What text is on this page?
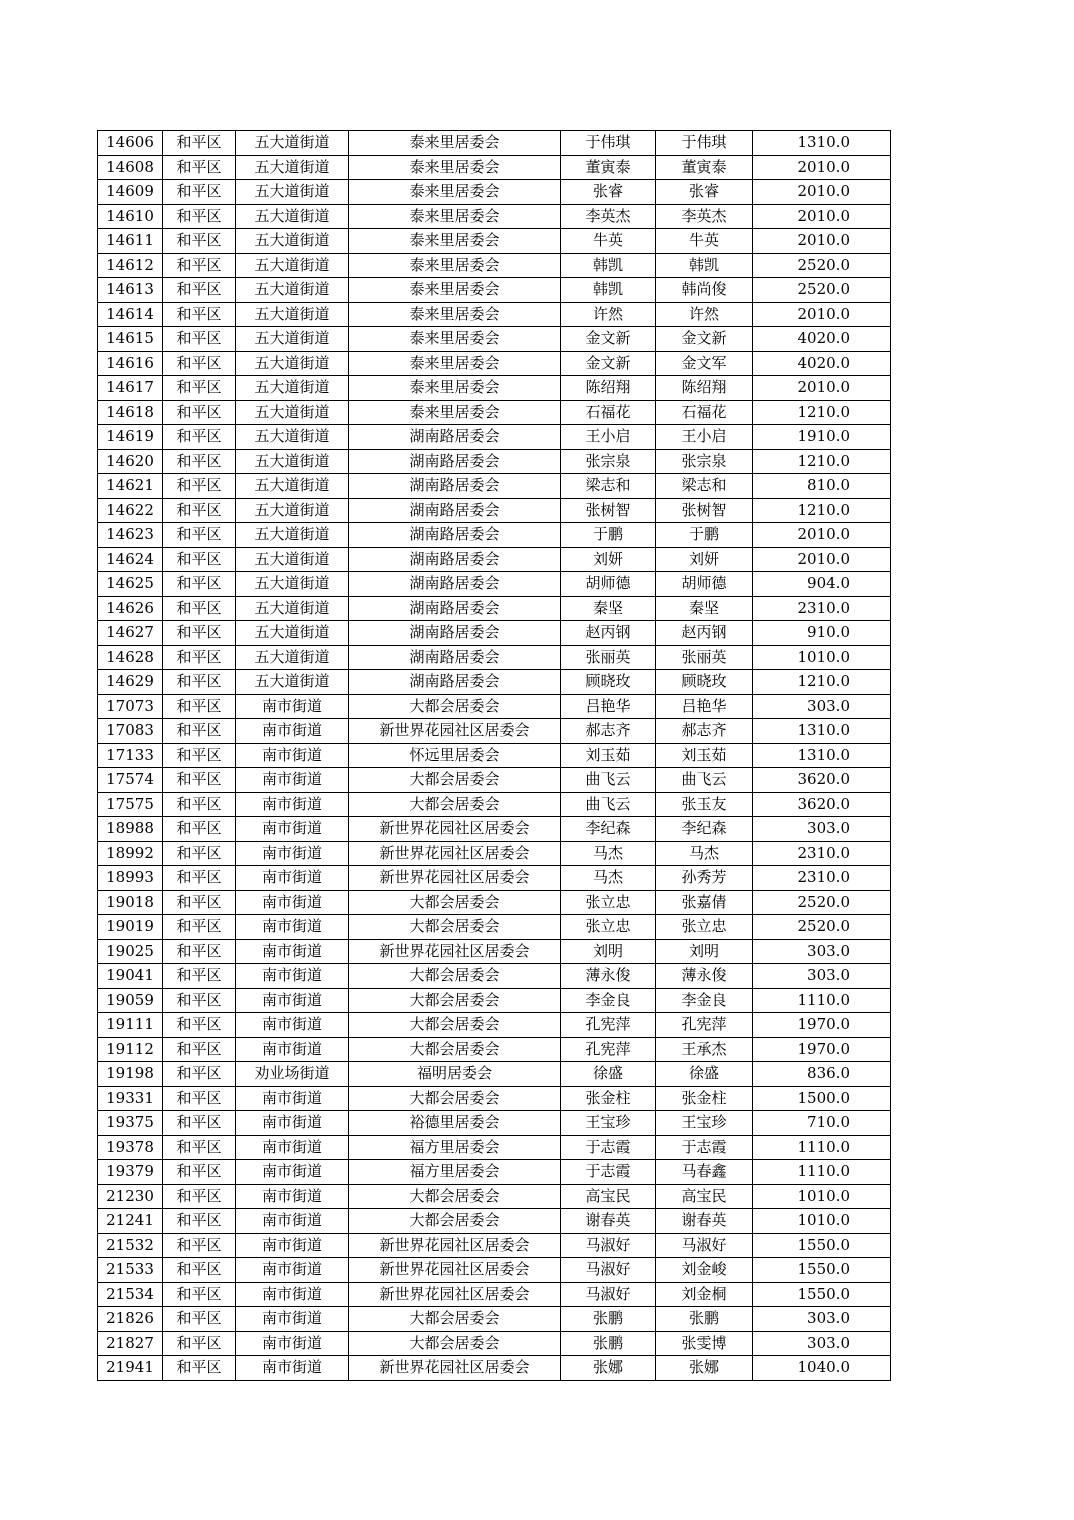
14606	和平区	五大道街道	泰来里居委会	于伟琪	于伟琪	1310.0
14608	和平区	五大道街道	泰来里居委会	董寅泰	董寅泰	2010.0
14609	和平区	五大道街道	泰来里居委会	张睿	张睿	2010.0
14610	和平区	五大道街道	泰来里居委会	李英杰	李英杰	2010.0
14611	和平区	五大道街道	泰来里居委会	牛英	牛英	2010.0
14612	和平区	五大道街道	泰来里居委会	韩凯	韩凯	2520.0
14613	和平区	五大道街道	泰来里居委会	韩凯	韩尚俊	2520.0
14614	和平区	五大道街道	泰来里居委会	许然	许然	2010.0
14615	和平区	五大道街道	泰来里居委会	金文新	金文新	4020.0
14616	和平区	五大道街道	泰来里居委会	金文新	金文军	4020.0
14617	和平区	五大道街道	泰来里居委会	陈绍翔	陈绍翔	2010.0
14618	和平区	五大道街道	泰来里居委会	石福花	石福花	1210.0
14619	和平区	五大道街道	湖南路居委会	王小启	王小启	1910.0
14620	和平区	五大道街道	湖南路居委会	张宗泉	张宗泉	1210.0
14621	和平区	五大道街道	湖南路居委会	梁志和	梁志和	810.0
14622	和平区	五大道街道	湖南路居委会	张树智	张树智	1210.0
14623	和平区	五大道街道	湖南路居委会	于鹏	于鹏	2010.0
14624	和平区	五大道街道	湖南路居委会	刘妍	刘妍	2010.0
14625	和平区	五大道街道	湖南路居委会	胡师德	胡师德	904.0
14626	和平区	五大道街道	湖南路居委会	秦坚	秦坚	2310.0
14627	和平区	五大道街道	湖南路居委会	赵丙钢	赵丙钢	910.0
14628	和平区	五大道街道	湖南路居委会	张丽英	张丽英	1010.0
14629	和平区	五大道街道	湖南路居委会	顾晓玫	顾晓玫	1210.0
17073	和平区	南市街道	大都会居委会	吕艳华	吕艳华	303.0
17083	和平区	南市街道	新世界花园社区居委会	郝志齐	郝志齐	1310.0
17133	和平区	南市街道	怀远里居委会	刘玉茹	刘玉茹	1310.0
17574	和平区	南市街道	大都会居委会	曲飞云	曲飞云	3620.0
17575	和平区	南市街道	大都会居委会	曲飞云	张玉友	3620.0
18988	和平区	南市街道	新世界花园社区居委会	李纪森	李纪森	303.0
18992	和平区	南市街道	新世界花园社区居委会	马杰	马杰	2310.0
18993	和平区	南市街道	新世界花园社区居委会	马杰	孙秀芳	2310.0
19018	和平区	南市街道	大都会居委会	张立忠	张嘉倩	2520.0
19019	和平区	南市街道	大都会居委会	张立忠	张立忠	2520.0
19025	和平区	南市街道	新世界花园社区居委会	刘明	刘明	303.0
19041	和平区	南市街道	大都会居委会	薄永俊	薄永俊	303.0
19059	和平区	南市街道	大都会居委会	李金良	李金良	1110.0
19111	和平区	南市街道	大都会居委会	孔宪萍	孔宪萍	1970.0
19112	和平区	南市街道	大都会居委会	孔宪萍	王承杰	1970.0
19198	和平区	劝业场街道	福明居委会	徐盛	徐盛	836.0
19331	和平区	南市街道	大都会居委会	张金柱	张金柱	1500.0
19375	和平区	南市街道	裕德里居委会	王宝珍	王宝珍	710.0
19378	和平区	南市街道	福方里居委会	于志霞	于志霞	1110.0
19379	和平区	南市街道	福方里居委会	于志霞	马春鑫	1110.0
21230	和平区	南市街道	大都会居委会	高宝民	高宝民	1010.0
21241	和平区	南市街道	大都会居委会	谢春英	谢春英	1010.0
21532	和平区	南市街道	新世界花园社区居委会	马淑好	马淑好	1550.0
21533	和平区	南市街道	新世界花园社区居委会	马淑好	刘金峻	1550.0
21534	和平区	南市街道	新世界花园社区居委会	马淑好	刘金桐	1550.0
21826	和平区	南市街道	大都会居委会	张鹏	张鹏	303.0
21827	和平区	南市街道	大都会居委会	张鹏	张雯博	303.0
21941	和平区	南市街道	新世界花园社区居委会	张娜	张娜	1040.0
